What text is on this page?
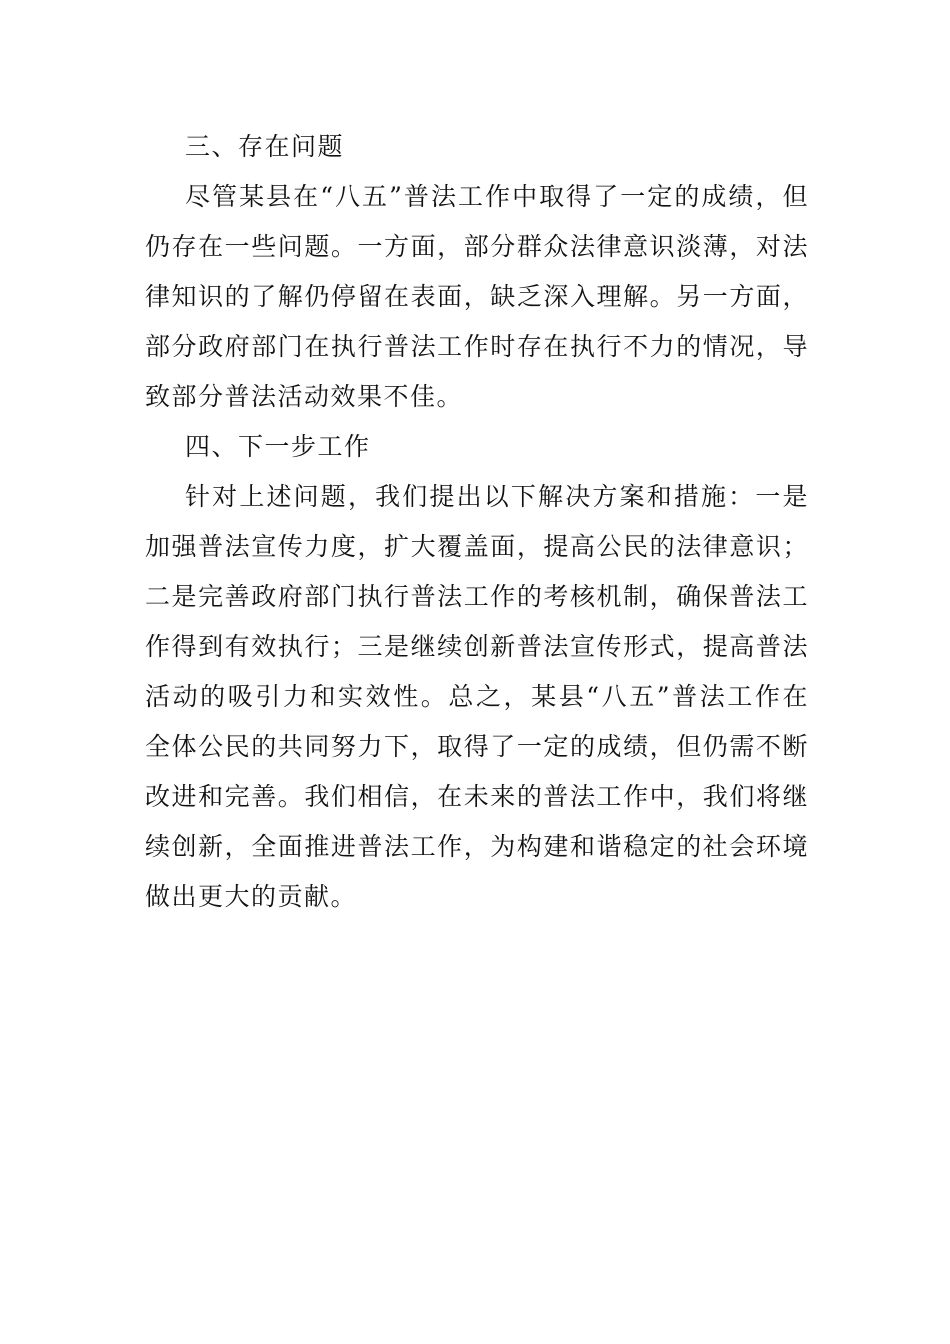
三、存在问题

尽管某县在“八五”普法工作中取得了一定的成绩，但仍存在一些问题。一方面，部分群众法律意识淡薄，对法律知识的了解仍停留在表面，缺乏深入理解。另一方面，部分政府部门在执行普法工作时存在执行不力的情况，导致部分普法活动效果不佳。

四、下一步工作

针对上述问题，我们提出以下解决方案和措施：一是加强普法宣传力度，扩大覆盖面，提高公民的法律意识；二是完善政府部门执行普法工作的考核机制，确保普法工作得到有效执行；三是继续创新普法宣传形式，提高普法活动的吸引力和实效性。总之，某县“八五”普法工作在全体公民的共同努力下，取得了一定的成绩，但仍需不断改进和完善。我们相信，在未来的普法工作中，我们将继续创新，全面推进普法工作，为构建和谐稳定的社会环境做出更大的贡献。
